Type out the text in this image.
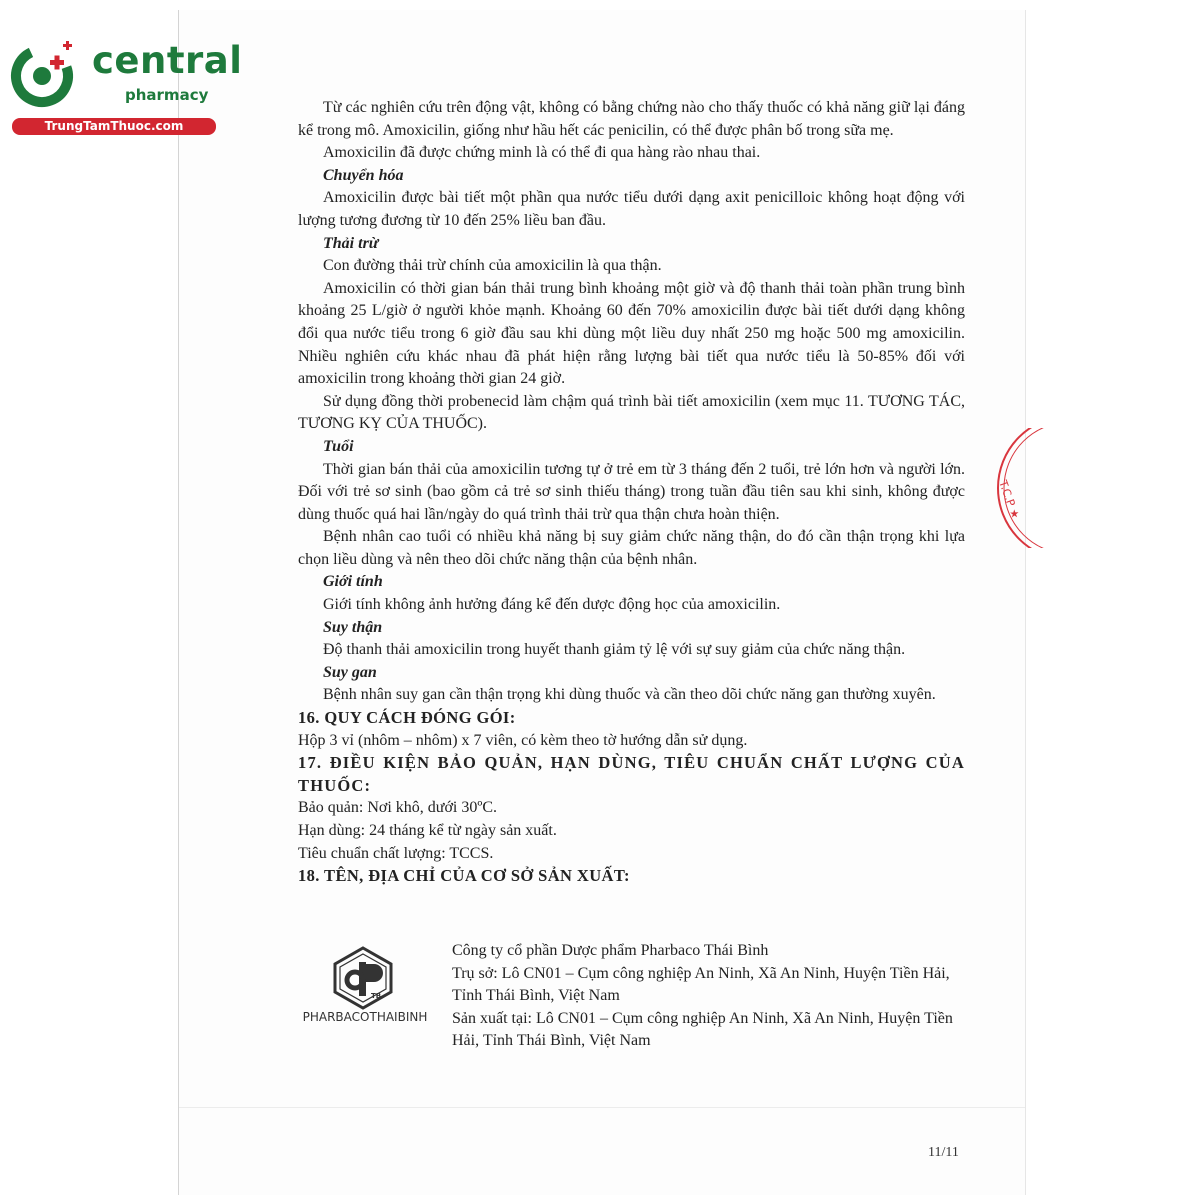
central
pharmacy
TrungTamThuoc.com
T.C.P ★

Từ các nghiên cứu trên động vật, không có bằng chứng nào cho thấy thuốc có khả năng giữ lại đáng kể trong mô. Amoxicilin, giống như hầu hết các penicilin, có thể được phân bố trong sữa mẹ.

Amoxicilin đã được chứng minh là có thể đi qua hàng rào nhau thai.

Chuyển hóa

Amoxicilin được bài tiết một phần qua nước tiểu dưới dạng axit penicilloic không hoạt động với lượng tương đương từ 10 đến 25% liều ban đầu.

Thải trừ

Con đường thải trừ chính của amoxicilin là qua thận.

Amoxicilin có thời gian bán thải trung bình khoảng một giờ và độ thanh thải toàn phần trung bình khoảng 25 L/giờ ở người khỏe mạnh. Khoảng 60 đến 70% amoxicilin được bài tiết dưới dạng không đổi qua nước tiểu trong 6 giờ đầu sau khi dùng một liều duy nhất 250 mg hoặc 500 mg amoxicilin. Nhiều nghiên cứu khác nhau đã phát hiện rằng lượng bài tiết qua nước tiểu là 50-85% đối với amoxicilin trong khoảng thời gian 24 giờ.

Sử dụng đồng thời probenecid làm chậm quá trình bài tiết amoxicilin (xem mục 11. TƯƠNG TÁC, TƯƠNG KỴ CỦA THUỐC).

Tuổi

Thời gian bán thải của amoxicilin tương tự ở trẻ em từ 3 tháng đến 2 tuổi, trẻ lớn hơn và người lớn. Đối với trẻ sơ sinh (bao gồm cả trẻ sơ sinh thiếu tháng) trong tuần đầu tiên sau khi sinh, không được dùng thuốc quá hai lần/ngày do quá trình thải trừ qua thận chưa hoàn thiện.

Bệnh nhân cao tuổi có nhiều khả năng bị suy giảm chức năng thận, do đó cần thận trọng khi lựa chọn liều dùng và nên theo dõi chức năng thận của bệnh nhân.

Giới tính

Giới tính không ảnh hưởng đáng kể đến dược động học của amoxicilin.

Suy thận

Độ thanh thải amoxicilin trong huyết thanh giảm tỷ lệ với sự suy giảm của chức năng thận.

Suy gan

Bệnh nhân suy gan cần thận trọng khi dùng thuốc và cần theo dõi chức năng gan thường xuyên.

16. QUY CÁCH ĐÓNG GÓI:

Hộp 3 vỉ (nhôm – nhôm) x 7 viên, có kèm theo tờ hướng dẫn sử dụng.

17. ĐIỀU KIỆN BẢO QUẢN, HẠN DÙNG, TIÊU CHUẨN CHẤT LƯỢNG CỦA THUỐC:

Bảo quản: Nơi khô, dưới 30ºC.

Hạn dùng: 24 tháng kể từ ngày sản xuất.

Tiêu chuẩn chất lượng: TCCS.

18. TÊN, ĐỊA CHỈ CỦA CƠ SỞ SẢN XUẤT:

TB
PHARBACOTHAIBINH

Công ty cổ phần Dược phẩm Pharbaco Thái Bình

Trụ sở: Lô CN01 – Cụm công nghiệp An Ninh, Xã An Ninh, Huyện Tiền Hải, Tỉnh Thái Bình, Việt Nam

Sản xuất tại: Lô CN01 – Cụm công nghiệp An Ninh, Xã An Ninh, Huyện Tiền Hải, Tỉnh Thái Bình, Việt Nam

11/11
